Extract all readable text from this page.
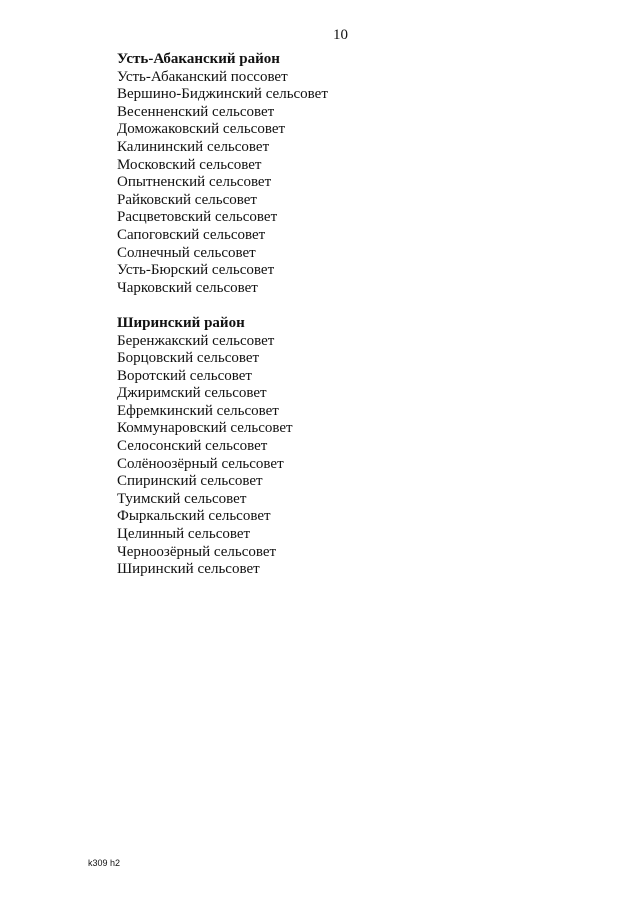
10
Усть-Абаканский район
Усть-Абаканский поссовет
Вершино-Биджинский сельсовет
Весенненский сельсовет
Доможаковский сельсовет
Калининский сельсовет
Московский сельсовет
Опытненский сельсовет
Райковский сельсовет
Расцветовский сельсовет
Сапоговский сельсовет
Солнечный сельсовет
Усть-Бюрский сельсовет
Чарковский сельсовет
Ширинский район
Беренжакский сельсовет
Борцовский сельсовет
Воротский сельсовет
Джиримский сельсовет
Ефремкинский сельсовет
Коммунаровский сельсовет
Селосонский сельсовет
Солёноозёрный сельсовет
Спиринский сельсовет
Туимский сельсовет
Фыркальский сельсовет
Целинный сельсовет
Черноозёрный сельсовет
Ширинский сельсовет
k309 h2
